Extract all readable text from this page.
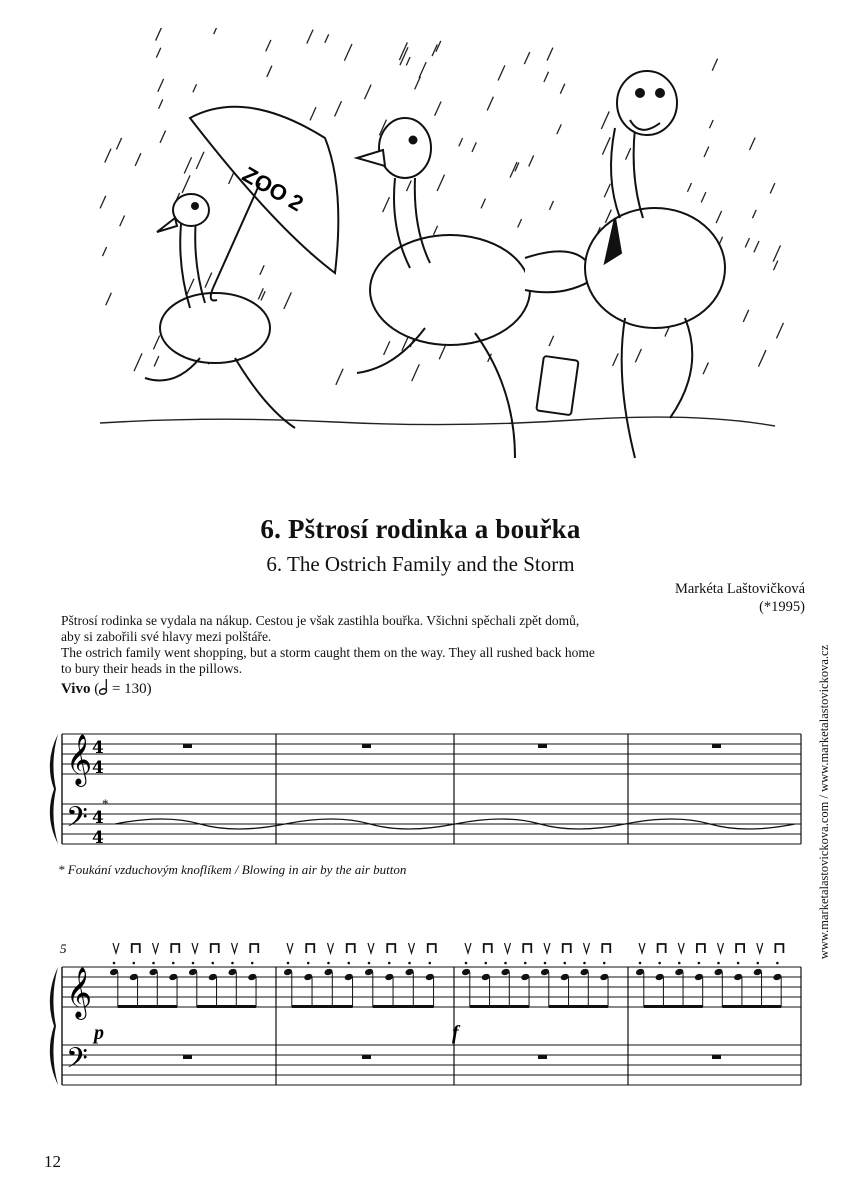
ZOO 2
6. Pštrosí rodinka a bouřka
6. The Ostrich Family and the Storm
Markéta Laštovičková
(*1995)
Pštrosí rodinka se vydala na nákup. Cestou je však zastihla bouřka. Všichni spěchali zpět domů,
aby si zabořili své hlavy mezi polštáře.
The ostrich family went shopping, but a storm caught them on the way. They all rushed back home
to bury their heads in the pillows.
Vivo ( = 130)
𝄞
𝄢
4
4
4
4
*
* Foukání vzduchovým knoflíkem / Blowing in air by the air button
5
𝄞
𝄢
p	f
12
www.marketalastovickova.com / www.marketalastovickova.cz
